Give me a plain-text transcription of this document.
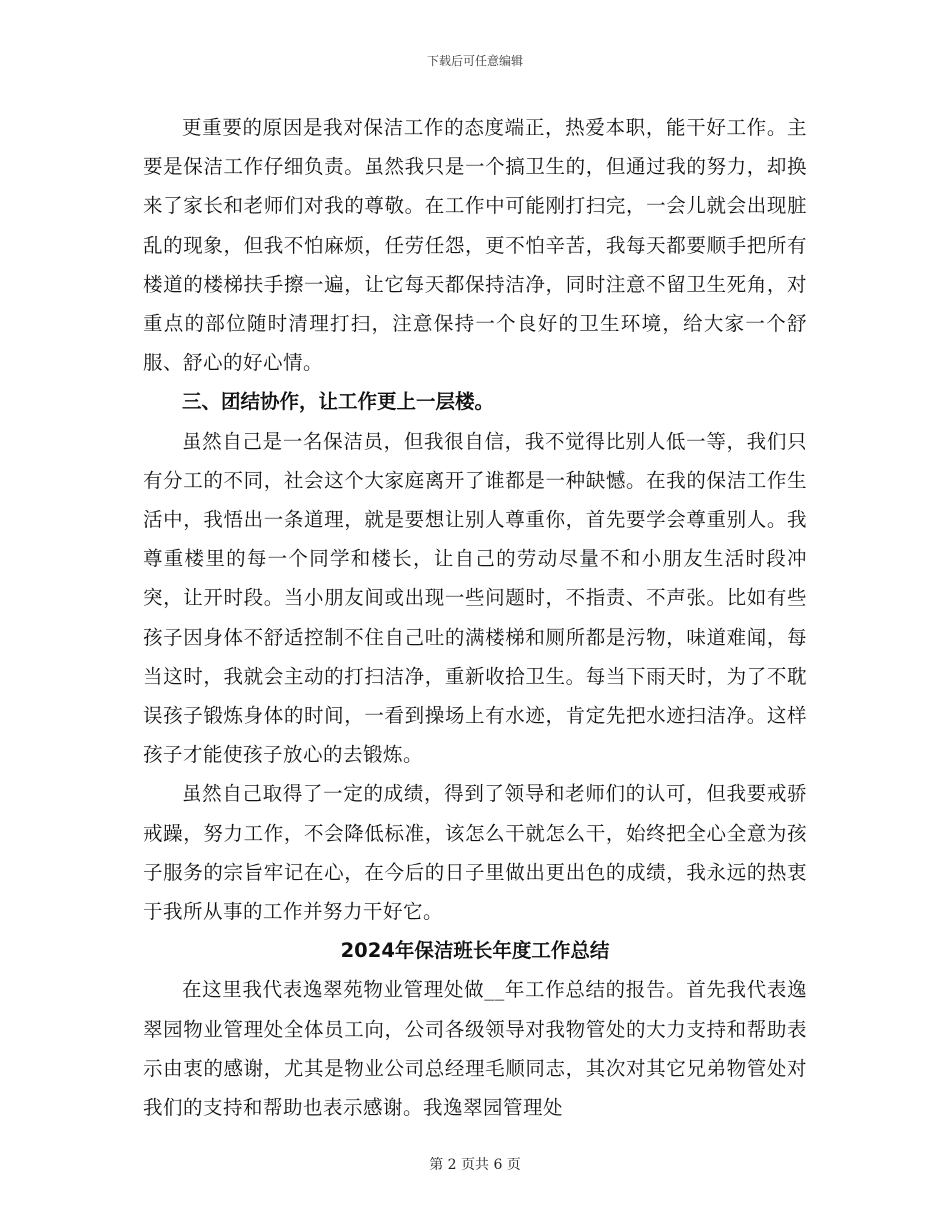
下载后可任意编辑

更重要的原因是我对保洁工作的态度端正，热爱本职，能干好工作。主要是保洁工作仔细负责。虽然我只是一个搞卫生的，但通过我的努力，却换来了家长和老师们对我的尊敬。在工作中可能刚打扫完，一会儿就会出现脏乱的现象，但我不怕麻烦，任劳任怨，更不怕辛苦，我每天都要顺手把所有楼道的楼梯扶手擦一遍，让它每天都保持洁净，同时注意不留卫生死角，对重点的部位随时清理打扫，注意保持一个良好的卫生环境，给大家一个舒服、舒心的好心情。

三、团结协作，让工作更上一层楼。

虽然自己是一名保洁员，但我很自信，我不觉得比别人低一等，我们只有分工的不同，社会这个大家庭离开了谁都是一种缺憾。在我的保洁工作生活中，我悟出一条道理，就是要想让别人尊重你，首先要学会尊重别人。我尊重楼里的每一个同学和楼长，让自己的劳动尽量不和小朋友生活时段冲突，让开时段。当小朋友间或出现一些问题时，不指责、不声张。比如有些孩子因身体不舒适控制不住自己吐的满楼梯和厕所都是污物，味道难闻，每当这时，我就会主动的打扫洁净，重新收拾卫生。每当下雨天时，为了不耽误孩子锻炼身体的时间，一看到操场上有水迹，肯定先把水迹扫洁净。这样孩子才能使孩子放心的去锻炼。

虽然自己取得了一定的成绩，得到了领导和老师们的认可，但我要戒骄戒躁，努力工作，不会降低标准，该怎么干就怎么干，始终把全心全意为孩子服务的宗旨牢记在心，在今后的日子里做出更出色的成绩，我永远的热衷于我所从事的工作并努力干好它。

2024年保洁班长年度工作总结

在这里我代表逸翠苑物业管理处做__年工作总结的报告。首先我代表逸翠园物业管理处全体员工向，公司各级领导对我物管处的大力支持和帮助表示由衷的感谢，尤其是物业公司总经理毛顺同志，其次对其它兄弟物管处对我们的支持和帮助也表示感谢。我逸翠园管理处

第 2 页共 6 页
